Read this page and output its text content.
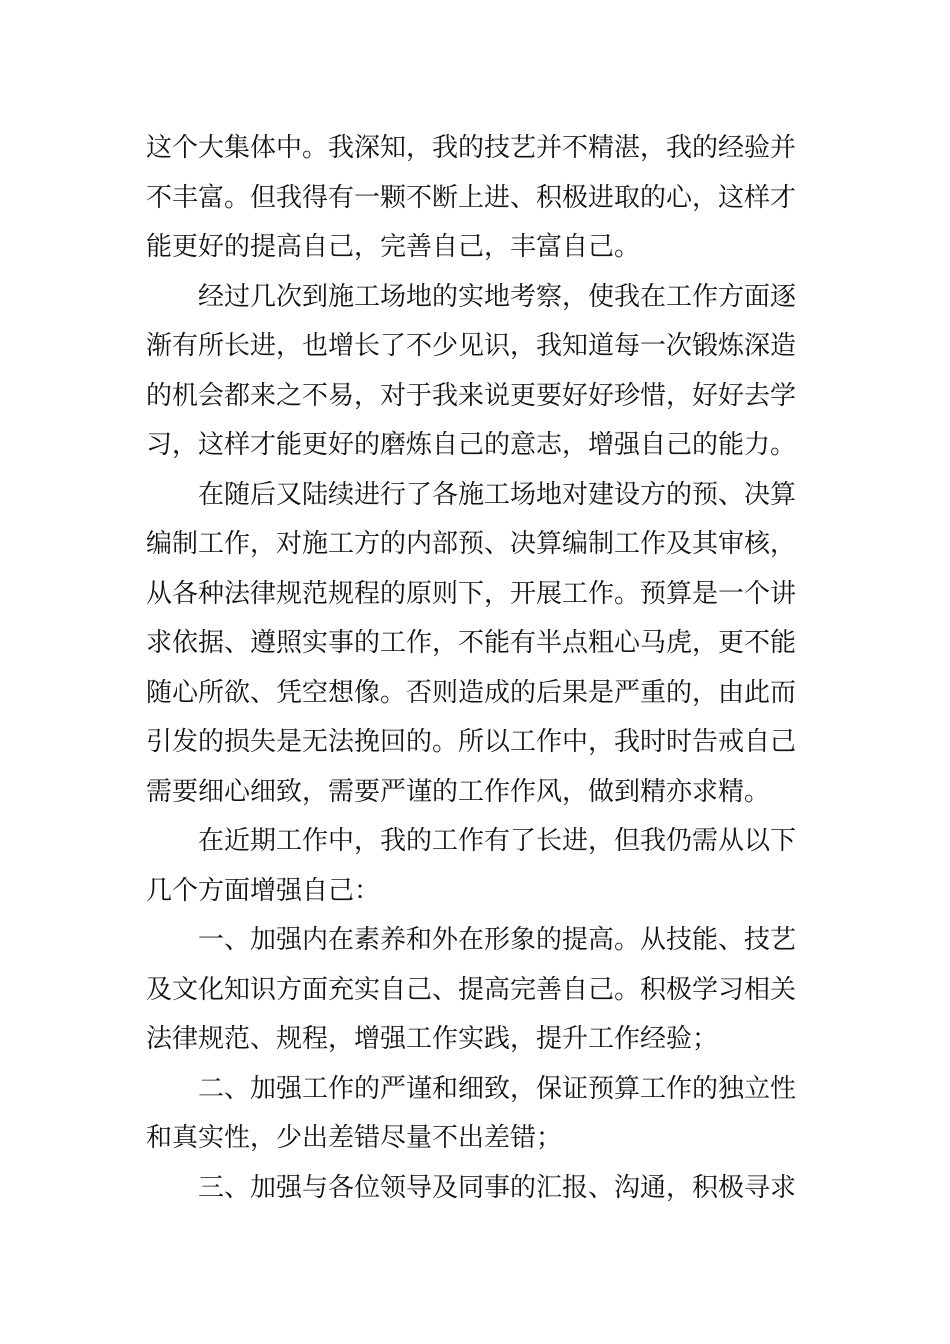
这个大集体中。我深知，我的技艺并不精湛，我的经验并
不丰富。但我得有一颗不断上进、积极进取的心，这样才
能更好的提高自己，完善自己，丰富自己。
　　经过几次到施工场地的实地考察，使我在工作方面逐
渐有所长进，也增长了不少见识，我知道每一次锻炼深造
的机会都来之不易，对于我来说更要好好珍惜，好好去学
习，这样才能更好的磨炼自己的意志，增强自己的能力。
　　在随后又陆续进行了各施工场地对建设方的预、决算
编制工作，对施工方的内部预、决算编制工作及其审核，
从各种法律规范规程的原则下，开展工作。预算是一个讲
求依据、遵照实事的工作，不能有半点粗心马虎，更不能
随心所欲、凭空想像。否则造成的后果是严重的，由此而
引发的损失是无法挽回的。所以工作中，我时时告戒自己
需要细心细致，需要严谨的工作作风，做到精亦求精。
　　在近期工作中，我的工作有了长进，但我仍需从以下
几个方面增强自己：
　　一、加强内在素养和外在形象的提高。从技能、技艺
及文化知识方面充实自己、提高完善自己。积极学习相关
法律规范、规程，增强工作实践，提升工作经验；
　　二、加强工作的严谨和细致，保证预算工作的独立性
和真实性，少出差错尽量不出差错；
　　三、加强与各位领导及同事的汇报、沟通，积极寻求
